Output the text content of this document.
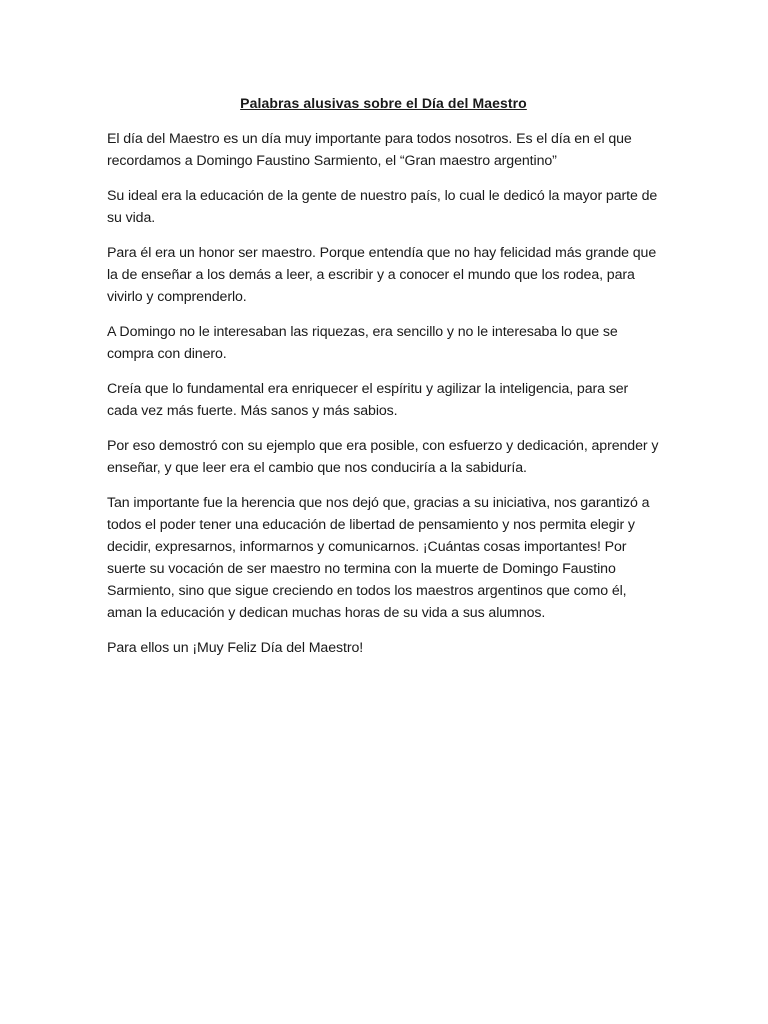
Palabras alusivas sobre el Día del Maestro

El día del Maestro es un día muy importante para todos nosotros. Es el día en el que recordamos a Domingo Faustino Sarmiento, el “Gran maestro argentino”

Su ideal era la educación de la gente de nuestro país, lo cual le dedicó la mayor parte de su vida.

Para él era un honor ser maestro. Porque entendía que no hay felicidad más grande que la de enseñar a los demás a leer, a escribir y a conocer el mundo que los rodea, para vivirlo y comprenderlo.

A Domingo no le interesaban las riquezas, era sencillo y no le interesaba lo que se compra con dinero.

Creía que lo fundamental era enriquecer el espíritu y agilizar la inteligencia, para ser cada vez más fuerte. Más sanos y más sabios.

Por eso demostró con su ejemplo que era posible, con esfuerzo y dedicación, aprender y enseñar, y que leer era el cambio que nos conduciría a la sabiduría.

Tan importante fue la herencia que nos dejó que, gracias a su iniciativa, nos garantizó a todos el poder tener una educación de libertad de pensamiento y nos permita elegir y decidir, expresarnos, informarnos y comunicarnos. ¡Cuántas cosas importantes! Por suerte su vocación de ser maestro no termina con la muerte de Domingo Faustino Sarmiento, sino que sigue creciendo en todos los maestros argentinos que como él, aman la educación y dedican muchas horas de su vida a sus alumnos.

Para ellos un ¡Muy Feliz Día del Maestro!
